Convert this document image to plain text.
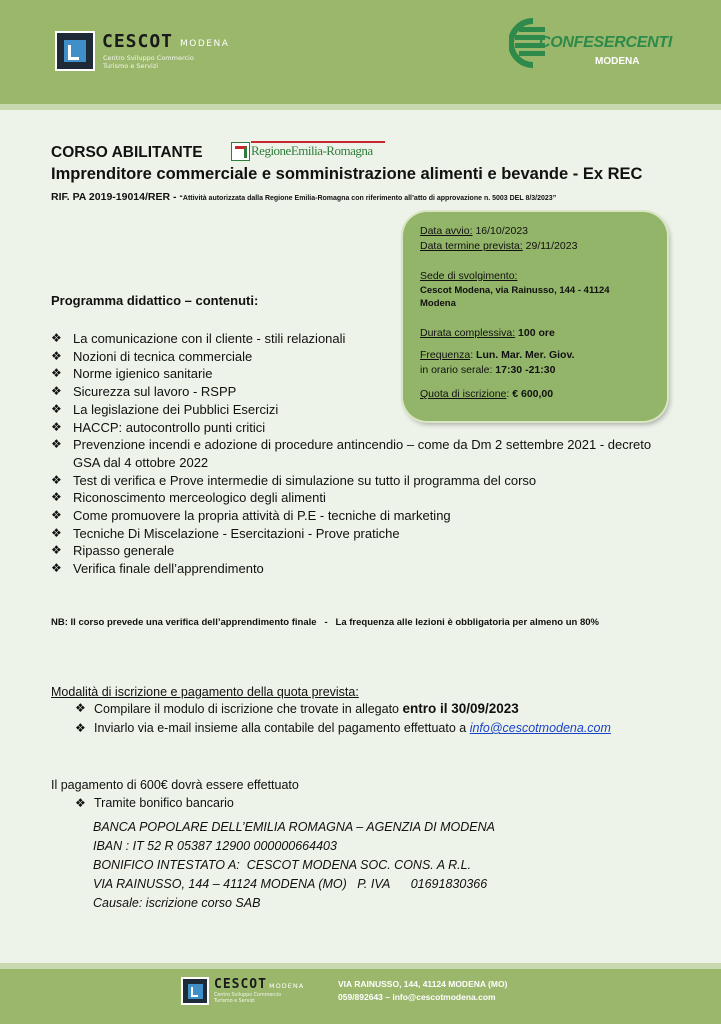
CESCOT MODENA
Centro Sviluppo Commercio Turismo e Servizi
CONFESERCENTI
MODENA
CORSO ABILITANTE	RegioneEmilia-Romagna
Imprenditore commerciale e somministrazione alimenti e bevande - Ex REC
RIF. PA 2019-19014/RER - “Attività autorizzata dalla Regione Emilia-Romagna con riferimento all’atto di approvazione n. 5003 DEL 8/3/2023”
Data avvio: 16/10/2023
Data termine prevista: 29/11/2023
Sede di svolgimento:
Cescot Modena, via Rainusso, 144 - 41124
Modena
Durata complessiva: 100 ore
Frequenza: Lun. Mar. Mer. Giov.
in orario serale: 17:30 -21:30
Quota di iscrizione: € 600,00
Programma didattico – contenuti:
❖ La comunicazione con il cliente - stili relazionali
❖ Nozioni di tecnica commerciale
❖ Norme igienico sanitarie
❖ Sicurezza sul lavoro - RSPP
❖ La legislazione dei Pubblici Esercizi
❖ HACCP: autocontrollo punti critici
❖ Prevenzione incendi e adozione di procedure antincendio – come da Dm 2 settembre 2021 - decreto GSA dal 4 ottobre 2022
❖ Test di verifica e Prove intermedie di simulazione su tutto il programma del corso
❖ Riconoscimento merceologico degli alimenti
❖ Come promuovere la propria attività di P.E - tecniche di marketing
❖ Tecniche Di Miscelazione - Esercitazioni - Prove pratiche
❖ Ripasso generale
❖ Verifica finale dell’apprendimento
NB: Il corso prevede una verifica dell’apprendimento finale   -   La frequenza alle lezioni è obbligatoria per almeno un 80%
Modalità di iscrizione e pagamento della quota prevista:
❖ Compilare il modulo di iscrizione che trovate in allegato entro il 30/09/2023
❖ Inviarlo via e-mail insieme alla contabile del pagamento effettuato a info@cescotmodena.com
Il pagamento di 600€ dovrà essere effettuato
❖ Tramite bonifico bancario
BANCA POPOLARE DELL’EMILIA ROMAGNA – AGENZIA DI MODENA
IBAN : IT 52 R 05387 12900 000000664403
BONIFICO INTESTATO A:  CESCOT MODENA SOC. CONS. A R.L.
VIA RAINUSSO, 144 – 41124 MODENA (MO)   P. IVA      01691830366
Causale: iscrizione corso SAB
CESCOT MODENA
Centro Sviluppo Commercio Turismo e Servizi
VIA RAINUSSO, 144, 41124 MODENA (MO)
059/892643 – info@cescotmodena.com
